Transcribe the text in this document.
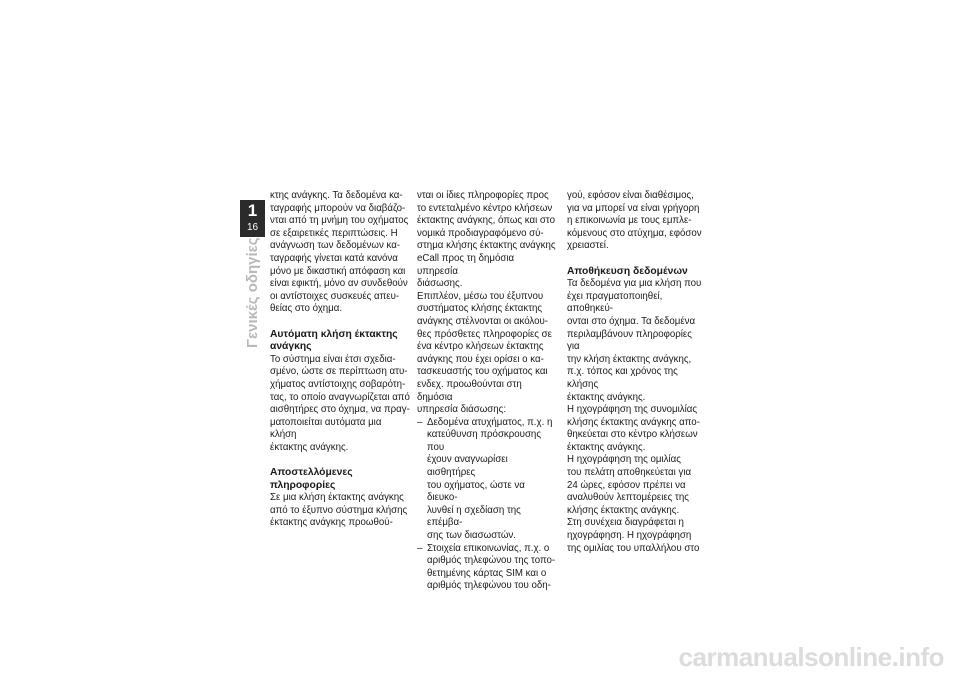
1
16
Γενικές οδηγίες
κτης ανάγκης. Τα δεδομένα κα-
ταγραφής μπορούν να διαβάζο-
νται από τη μνήμη του οχήματος
σε εξαιρετικές περιπτώσεις. Η
ανάγνωση των δεδομένων κα-
ταγραφής γίνεται κατά κανόνα
μόνο με δικαστική απόφαση και
είναι εφικτή, μόνο αν συνδεθούν
οι αντίστοιχες συσκευές απευ-
θείας στο όχημα.
Αυτόματη κλήση έκτακτης
ανάγκης
Το σύστημα είναι έτσι σχεδια-
σμένο, ώστε σε περίπτωση ατυ-
χήματος αντίστοιχης σοβαρότη-
τας, το οποίο αναγνωρίζεται από
αισθητήρες στο όχημα, να πραγ-
ματοποιείται αυτόματα μια κλήση
έκτακτης ανάγκης.
Αποστελλόμενες
πληροφορίες
Σε μια κλήση έκτακτης ανάγκης
από το έξυπνο σύστημα κλήσης
έκτακτης ανάγκης προωθού-
νται οι ίδιες πληροφορίες προς
το εντεταλμένο κέντρο κλήσεων
έκτακτης ανάγκης, όπως και στο
νομικά προδιαγραφόμενο σύ-
στημα κλήσης έκτακτης ανάγκης
eCall προς τη δημόσια υπηρεσία
διάσωσης.
Επιπλέον, μέσω του έξυπνου
συστήματος κλήσης έκτακτης
ανάγκης στέλνονται οι ακόλου-
θες πρόσθετες πληροφορίες σε
ένα κέντρο κλήσεων έκτακτης
ανάγκης που έχει ορίσει ο κα-
τασκευαστής του οχήματος και
ενδεχ. προωθούνται στη δημόσια
υπηρεσία διάσωσης:
– Δεδομένα ατυχήματος, π.χ. η
κατεύθυνση πρόσκρουσης που
έχουν αναγνωρίσει αισθητήρες
του οχήματος, ώστε να διευκο-
λυνθεί η σχεδίαση της επέμβα-
σης των διασωστών.
– Στοιχεία επικοινωνίας, π.χ. ο
αριθμός τηλεφώνου της τοπο-
θετημένης κάρτας SIM και ο
αριθμός τηλεφώνου του οδη-
γού, εφόσον είναι διαθέσιμος,
για να μπορεί να είναι γρήγορη
η επικοινωνία με τους εμπλε-
κόμενους στο ατύχημα, εφόσον
χρειαστεί.
Αποθήκευση δεδομένων
Τα δεδομένα για μια κλήση που
έχει πραγματοποιηθεί, αποθηκεύ-
ονται στο όχημα. Τα δεδομένα
περιλαμβάνουν πληροφορίες για
την κλήση έκτακτης ανάγκης,
π.χ. τόπος και χρόνος της κλήσης
έκτακτης ανάγκης.
Η ηχογράφηση της συνομιλίας
κλήσης έκτακτης ανάγκης απο-
θηκεύεται στο κέντρο κλήσεων
έκτακτης ανάγκης.
Η ηχογράφηση της ομιλίας
του πελάτη αποθηκεύεται για
24 ώρες, εφόσον πρέπει να
αναλυθούν λεπτομέρειες της
κλήσης έκτακτης ανάγκης.
Στη συνέχεια διαγράφεται η
ηχογράφηση. Η ηχογράφηση
της ομιλίας του υπαλλήλου στο
carmanualsonline.info
